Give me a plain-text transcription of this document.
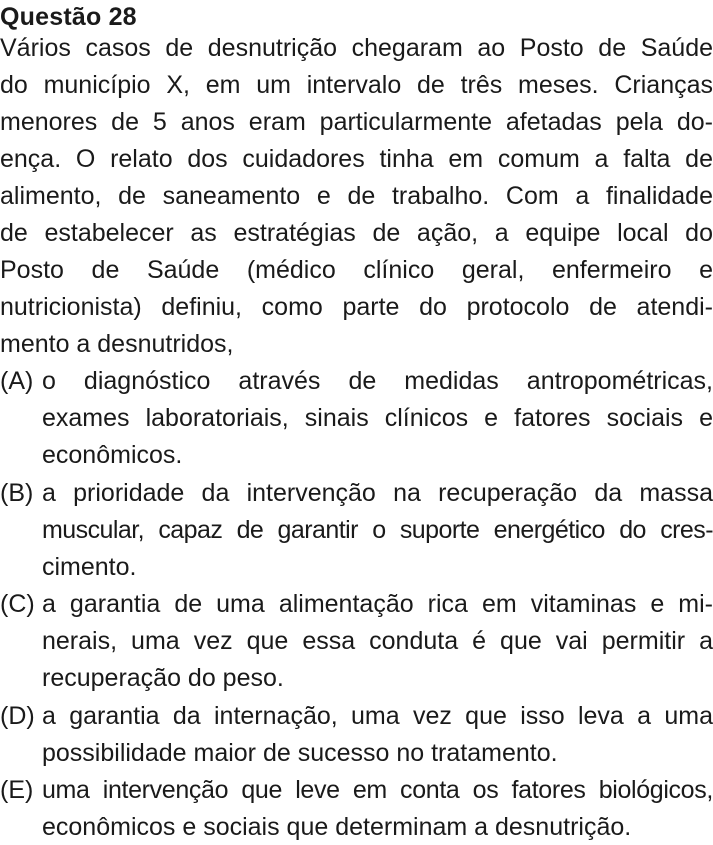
Questão 28
Vários casos de desnutrição chegaram ao Posto de Saúde
do município X, em um intervalo de três meses. Crianças
menores de 5 anos eram particularmente afetadas pela do-
ença. O relato dos cuidadores tinha em comum a falta de
alimento, de saneamento e de trabalho. Com a finalidade
de estabelecer as estratégias de ação, a equipe local do
Posto de Saúde (médico clínico geral, enfermeiro e
nutricionista) definiu, como parte do protocolo de atendi-
mento a desnutridos,
(A) o diagnóstico através de medidas antropométricas,
exames laboratoriais, sinais clínicos e fatores sociais e
econômicos.
(B) a prioridade da intervenção na recuperação da massa
muscular, capaz de garantir o suporte energético do cres-
cimento.
(C) a garantia de uma alimentação rica em vitaminas e mi-
nerais, uma vez que essa conduta é que vai permitir a
recuperação do peso.
(D) a garantia da internação, uma vez que isso leva a uma
possibilidade maior de sucesso no tratamento.
(E) uma intervenção que leve em conta os fatores biológicos,
econômicos e sociais que determinam a desnutrição.
